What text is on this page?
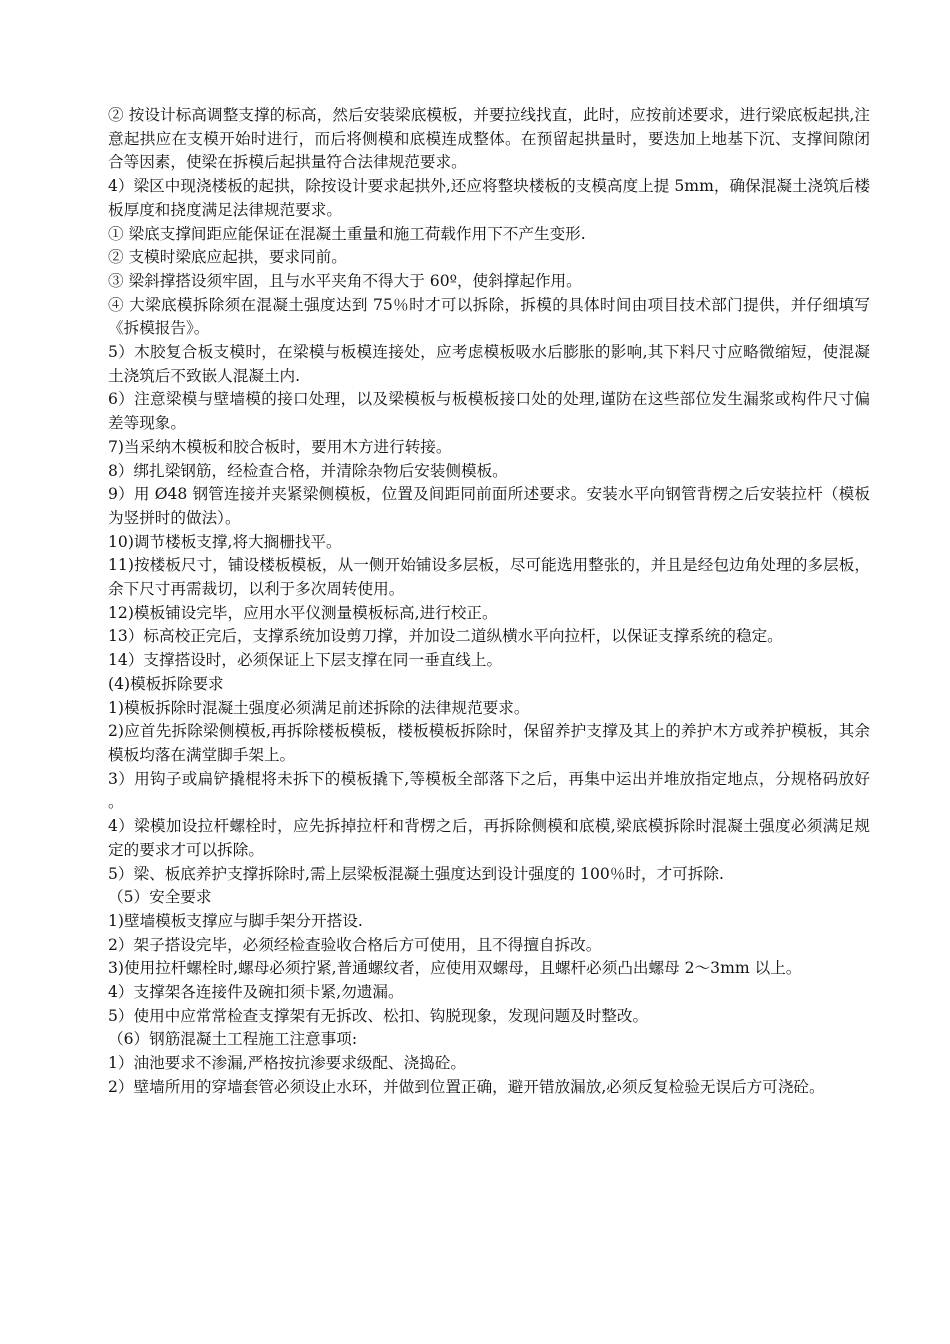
② 按设计标高调整支撑的标高，然后安装梁底模板，并要拉线找直，此时，应按前述要求，进行梁底板起拱,注意起拱应在支模开始时进行，而后将侧模和底模连成整体。在预留起拱量时，要迭加上地基下沉、支撑间隙闭合等因素，使梁在拆模后起拱量符合法律规范要求。

4）梁区中现浇楼板的起拱，除按设计要求起拱外,还应将整块楼板的支模高度上提 5mm，确保混凝土浇筑后楼板厚度和挠度满足法律规范要求。

① 梁底支撑间距应能保证在混凝土重量和施工荷载作用下不产生变形.

② 支模时梁底应起拱，要求同前。

③ 梁斜撑搭设须牢固，且与水平夹角不得大于 60º，使斜撑起作用。

④ 大梁底模拆除须在混凝土强度达到 75％时才可以拆除，拆模的具体时间由项目技术部门提供，并仔细填写《拆模报告》。

5）木胶复合板支模时，在梁模与板模连接处，应考虑模板吸水后膨胀的影响,其下料尺寸应略微缩短，使混凝土浇筑后不致嵌人混凝土内.

6）注意梁模与壁墙模的接口处理，以及梁模板与板模板接口处的处理,谨防在这些部位发生漏浆或构件尺寸偏差等现象。

7)当采纳木模板和胶合板时，要用木方进行转接。

8）绑扎梁钢筋，经检查合格，并清除杂物后安装侧模板。

9）用 Ø48 钢管连接并夹紧梁侧模板，位置及间距同前面所述要求。安装水平向钢管背楞之后安装拉杆（模板为竖拼时的做法）。

10)调节楼板支撑,将大搁栅找平。

11)按楼板尺寸，铺设楼板模板，从一侧开始铺设多层板，尽可能选用整张的，并且是经包边角处理的多层板，余下尺寸再需裁切，以利于多次周转使用。

12)模板铺设完毕，应用水平仪测量模板标高,进行校正。

13）标高校正完后，支撑系统加设剪刀撑，并加设二道纵横水平向拉杆，以保证支撑系统的稳定。

14）支撑搭设时，必须保证上下层支撑在同一垂直线上。

(4)模板拆除要求

1)模板拆除时混凝土强度必须满足前述拆除的法律规范要求。

2)应首先拆除梁侧模板,再拆除楼板模板，楼板模板拆除时，保留养护支撑及其上的养护木方或养护模板，其余模板均落在满堂脚手架上。

3）用钩子或扁铲撬棍将未拆下的模板撬下,等模板全部落下之后，再集中运出并堆放指定地点，分规格码放好。

4）梁模加设拉杆螺栓时，应先拆掉拉杆和背楞之后，再拆除侧模和底模,梁底模拆除时混凝土强度必须满足规定的要求才可以拆除。

5）梁、板底养护支撑拆除时,需上层梁板混凝土强度达到设计强度的 100％时，才可拆除.

（5）安全要求

1)壁墙模板支撑应与脚手架分开搭设.

2）架子搭设完毕，必须经检查验收合格后方可使用，且不得擅自拆改。

3)使用拉杆螺栓时,螺母必须拧紧,普通螺纹者，应使用双螺母，且螺杆必须凸出螺母 2～3mm 以上。

4）支撑架各连接件及碗扣须卡紧,勿遗漏。

5）使用中应常常检查支撑架有无拆改、松扣、钩脱现象，发现问题及时整改。

（6）钢筋混凝土工程施工注意事项:

1）油池要求不渗漏,严格按抗渗要求级配、浇捣砼。

2）壁墙所用的穿墙套管必须设止水环，并做到位置正确，避开错放漏放,必须反复检验无误后方可浇砼。
